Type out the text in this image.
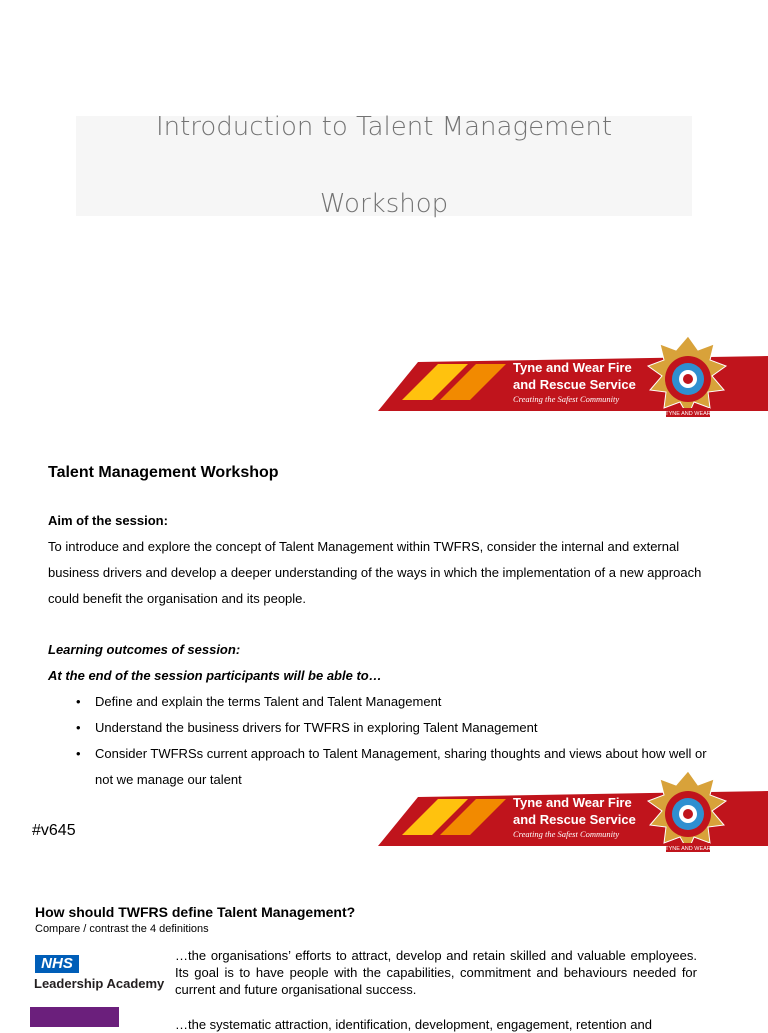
Introduction to Talent Management
Workshop
Tyne and Wear Fire
and Rescue Service
Creating the Safest Community
TYNE AND WEAR
Talent Management Workshop
Aim of the session:
To introduce and explore the concept of Talent Management within TWFRS, consider the internal and external business drivers and develop a deeper understanding of the ways in which the implementation of a new approach could benefit the organisation and its people.
Learning outcomes of session:
At the end of the session participants will be able to…
• Define and explain the terms Talent and Talent Management
• Understand the business drivers for TWFRS in exploring Talent Management
• Consider TWFRSs current approach to Talent Management, sharing thoughts and views about how well or not we manage our talent
#v645
Tyne and Wear Fire
and Rescue Service
Creating the Safest Community
TYNE AND WEAR
How should TWFRS define Talent Management?
Compare / contrast the 4 definitions
NHS
Leadership Academy
…the organisations’ efforts to attract, develop and retain skilled and valuable employees. Its goal is to have people with the capabilities, commitment and behaviours needed for current and future organisational success.
…the systematic attraction, identification, development, engagement, retention and
